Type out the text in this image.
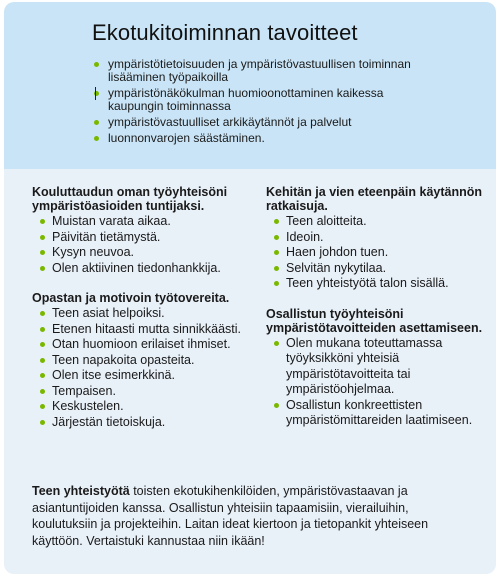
Ekotukitoiminnan tavoitteet
ympäristötietoisuuden ja ympäristövastuullisen toiminnan lisääminen työpaikoilla
ympäristönäkökulman huomioonottaminen kaikessa kaupungin toiminnassa
ympäristövastuulliset arkikäytännöt ja palvelut
luonnonvarojen säästäminen.
Kouluttaudun oman työyhteisöni ympäristöasioiden tuntijaksi.
Muistan varata aikaa.
Päivitän tietämystä.
Kysyn neuvoa.
Olen aktiivinen tiedonhankkija.
Opastan ja motivoin työtovereita.
Teen asiat helpoiksi.
Etenen hitaasti mutta sinnikkäästi.
Otan huomioon erilaiset ihmiset.
Teen napakoita opasteita.
Olen itse esimerkkinä.
Tempaisen.
Keskustelen.
Järjestän tietoiskuja.
Kehitän ja vien eteenpäin käytännön ratkaisuja.
Teen aloitteita.
Ideoin.
Haen johdon tuen.
Selvitän nykytilaa.
Teen yhteistyötä talon sisällä.
Osallistun työyhteisöni ympäristötavoitteiden asettamiseen.
Olen mukana toteuttamassa työyksikköni yhteisiä ympäristötavoitteita tai ympäristöohjelmaa.
Osallistun konkreettisten ympäristömittareiden laatimiseen.

Teen yhteistyötä toisten ekotukihenkilöiden, ympäristövastaavan ja asiantuntijoiden kanssa. Osallistun yhteisiin tapaamisiin, vierailuihin, koulutuksiin ja projekteihin. Laitan ideat kiertoon ja tietopankit yhteiseen käyttöön. Vertaistuki kannustaa niin ikään!
